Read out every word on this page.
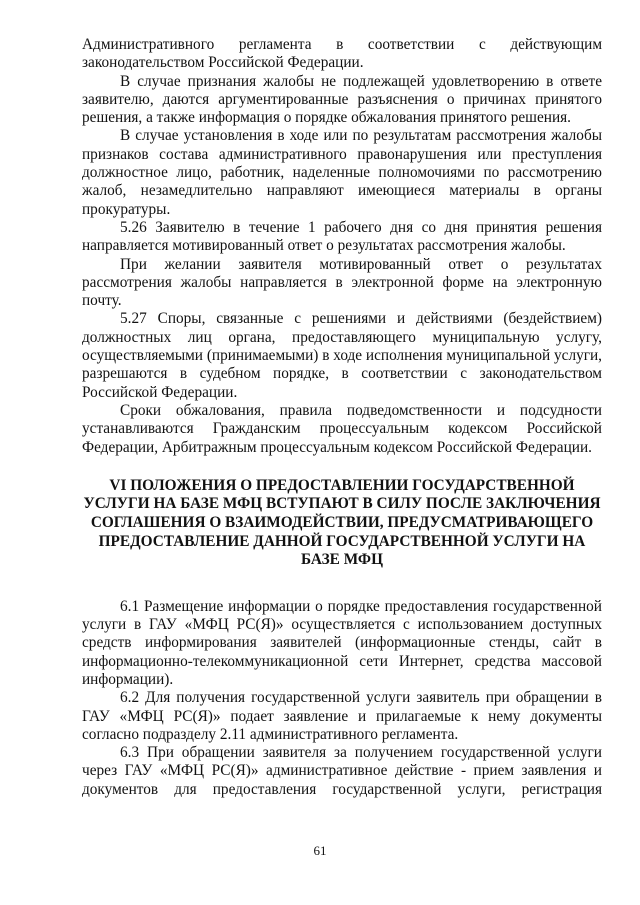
Административного регламента в соответствии с действующим законодательством Российской Федерации.

В случае признания жалобы не подлежащей удовлетворению в ответе заявителю, даются аргументированные разъяснения о причинах принятого решения, а также информация о порядке обжалования принятого решения.

В случае установления в ходе или по результатам рассмотрения жалобы признаков состава административного правонарушения или преступления должностное лицо, работник, наделенные полномочиями по рассмотрению жалоб, незамедлительно направляют имеющиеся материалы в органы прокуратуры.

5.26 Заявителю в течение 1 рабочего дня со дня принятия решения направляется мотивированный ответ о результатах рассмотрения жалобы.

При желании заявителя мотивированный ответ о результатах рассмотрения жалобы направляется в электронной форме на электронную почту.

5.27 Споры, связанные с решениями и действиями (бездействием) должностных лиц органа, предоставляющего муниципальную услугу, осуществляемыми (принимаемыми) в ходе исполнения муниципальной услуги, разрешаются в судебном порядке, в соответствии с законодательством Российской Федерации.

Сроки обжалования, правила подведомственности и подсудности устанавливаются Гражданским процессуальным кодексом Российской Федерации, Арбитражным процессуальным кодексом Российской Федерации.

VI ПОЛОЖЕНИЯ О ПРЕДОСТАВЛЕНИИ ГОСУДАРСТВЕННОЙ УСЛУГИ НА БАЗЕ МФЦ ВСТУПАЮТ В СИЛУ ПОСЛЕ ЗАКЛЮЧЕНИЯ СОГЛАШЕНИЯ О ВЗАИМОДЕЙСТВИИ, ПРЕДУСМАТРИВАЮЩЕГО ПРЕДОСТАВЛЕНИЕ ДАННОЙ ГОСУДАРСТВЕННОЙ УСЛУГИ НА БАЗЕ МФЦ

6.1 Размещение информации о порядке предоставления государственной услуги в ГАУ «МФЦ РС(Я)» осуществляется с использованием доступных средств информирования заявителей (информационные стенды, сайт в информационно-телекоммуникационной сети Интернет, средства массовой информации).

6.2 Для получения государственной услуги заявитель при обращении в ГАУ «МФЦ РС(Я)» подает заявление и прилагаемые к нему документы согласно подразделу 2.11 административного регламента.

6.3 При обращении заявителя за получением государственной услуги через ГАУ «МФЦ РС(Я)» административное действие - прием заявления и документов для предоставления государственной услуги, регистрация

61
